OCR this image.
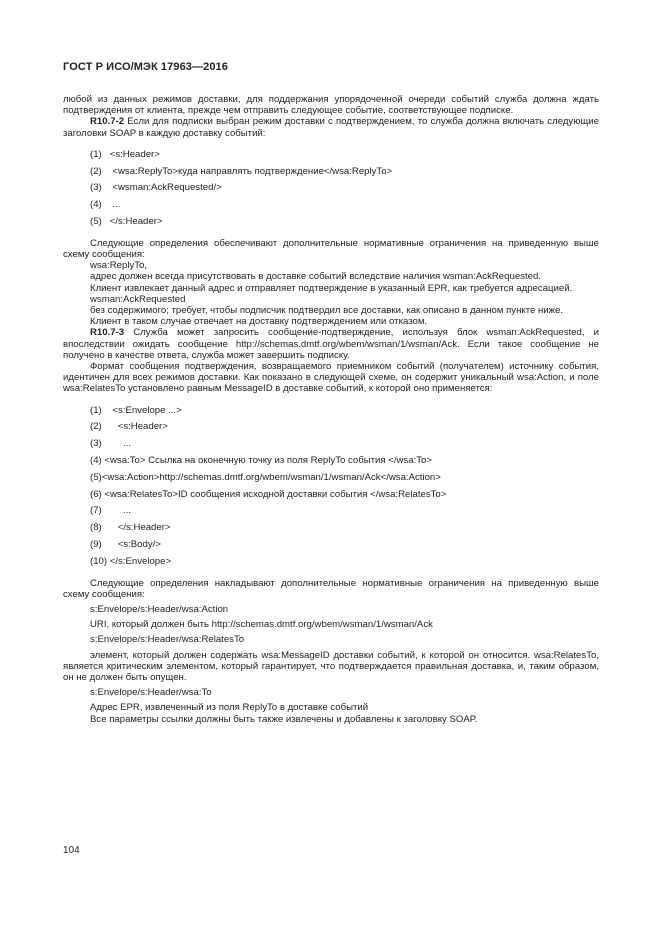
ГОСТ Р ИСО/МЭК 17963—2016

любой из данных режимов доставки, для поддержания упорядоченной очереди событий служба должна ждать подтверждения от клиента, прежде чем отправить следующее событие, соответствующее подписке.

R10.7-2 Если для подписки выбран режим доставки с подтверждением, то служба должна включать следующие заголовки SOAP в каждую доставку событий:

(1)   <s:Header>

(2)    <wsa:ReplyTo>куда направлять подтверждение</wsa:ReplyTo>

(3)    <wsman:AckRequested/>

(4)    ...

(5)   </s:Header>

Следующие определения обеспечивают дополнительные нормативные ограничения на приведенную выше схему сообщения:

wsa:ReplyTo,

адрес должен всегда присутствовать в доставке событий вследствие наличия wsman:AckRequested.

Клиент извлекает данный адрес и отправляет подтверждение в указанный EPR, как требуется адресацией.

wsman:AckRequested

без содержимого; требует, чтобы подписчик подтвердил все доставки, как описано в данном пункте ниже.

Клиент в таком случае отвечает на доставку подтверждением или отказом.

R10.7-3 Служба может запросить сообщение-подтверждение, используя блок wsman:AckRequested, и впоследствии ожидать сообщение http://schemas.dmtf.org/wbem/wsman/1/wsman/Ack. Если такое сообщение не получено в качестве ответа, служба может завершить подписку.

Формат сообщения подтверждения, возвращаемого приемником событий (получателем) источнику события, идентичен для всех режимов доставки. Как показано в следующей схеме, он содержит уникальный wsa:Action, и поле wsa:RelatesTo установлено равным MessageID в доставке событий, к которой оно применяется:

(1)    <s:Envelope ...>

(2)      <s:Header>

(3)        ...

(4) <wsa:To> Ссылка на оконечную точку из поля ReplyTo события </wsa:To>

(5)<wsa:Action>http://schemas.dmtf.org/wbem/wsman/1/wsman/Ack</wsa:Action>

(6) <wsa:RelatesTo>ID сообщения исходной доставки события </wsa:RelatesTo>

(7)        ...

(8)      </s:Header>

(9)      <s:Body/>

(10) </s:Envelope>

Следующие определения накладывают дополнительные нормативные ограничения на приведенную выше схему сообщения:

s:Envelope/s:Header/wsa:Action

URI, который должен быть http://schemas.dmtf.org/wbem/wsman/1/wsman/Ack

s:Envelope/s:Header/wsa:RelatesTo

элемент, который должен содержать wsa:MessageID доставки событий, к которой он относится. wsa:RelatesTo, является критическим элементом, который гарантирует, что подтверждается правильная доставка, и, таким образом, он не должен быть опущен.

s:Envelope/s:Header/wsa:To

Адрес EPR, извлеченный из поля ReplyTo в доставке событий

Все параметры ссылки должны быть также извлечены и добавлены к заголовку SOAP.

104
